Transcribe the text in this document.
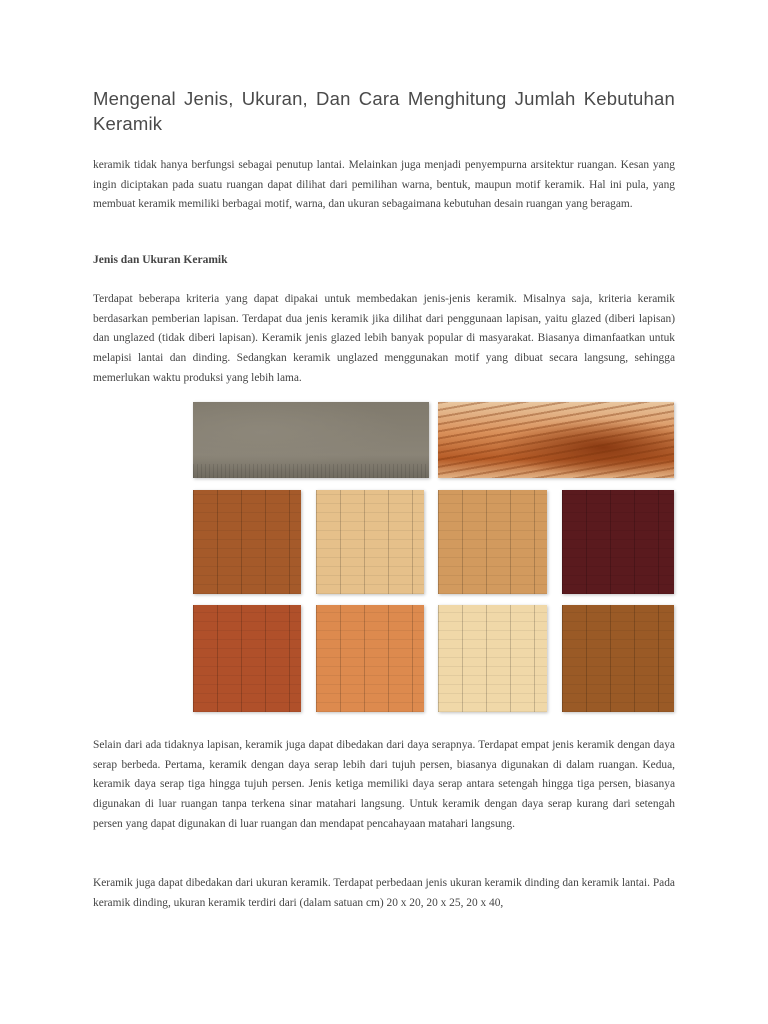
Mengenal Jenis, Ukuran, Dan Cara Menghitung Jumlah Kebutuhan Keramik

keramik tidak hanya berfungsi sebagai penutup lantai. Melainkan juga menjadi penyempurna arsitektur ruangan. Kesan yang ingin diciptakan pada suatu ruangan dapat dilihat dari pemilihan warna, bentuk, maupun motif keramik. Hal ini pula, yang membuat keramik memiliki berbagai motif, warna, dan ukuran sebagaimana kebutuhan desain ruangan yang beragam.

Jenis dan Ukuran Keramik

Terdapat beberapa kriteria yang dapat dipakai untuk membedakan jenis-jenis keramik. Misalnya saja, kriteria keramik berdasarkan pemberian lapisan. Terdapat dua jenis keramik jika dilihat dari penggunaan lapisan, yaitu glazed (diberi lapisan) dan unglazed (tidak diberi lapisan). Keramik jenis glazed lebih banyak popular di masyarakat. Biasanya dimanfaatkan untuk melapisi lantai dan dinding. Sedangkan keramik unglazed menggunakan motif yang dibuat secara langsung, sehingga memerlukan waktu produksi yang lebih lama.

Selain dari ada tidaknya lapisan, keramik juga dapat dibedakan dari daya serapnya. Terdapat empat jenis keramik dengan daya serap berbeda. Pertama, keramik dengan daya serap lebih dari tujuh persen, biasanya digunakan di dalam ruangan. Kedua, keramik daya serap tiga hingga tujuh persen. Jenis ketiga memiliki daya serap antara setengah hingga tiga persen, biasanya digunakan di luar ruangan tanpa terkena sinar matahari langsung. Untuk keramik dengan daya serap kurang dari setengah persen yang dapat digunakan di luar ruangan dan mendapat pencahayaan matahari langsung.

Keramik juga dapat dibedakan dari ukuran keramik. Terdapat perbedaan jenis ukuran keramik dinding dan keramik lantai. Pada keramik dinding, ukuran keramik terdiri dari (dalam satuan cm) 20 x 20, 20 x 25, 20 x 40,
